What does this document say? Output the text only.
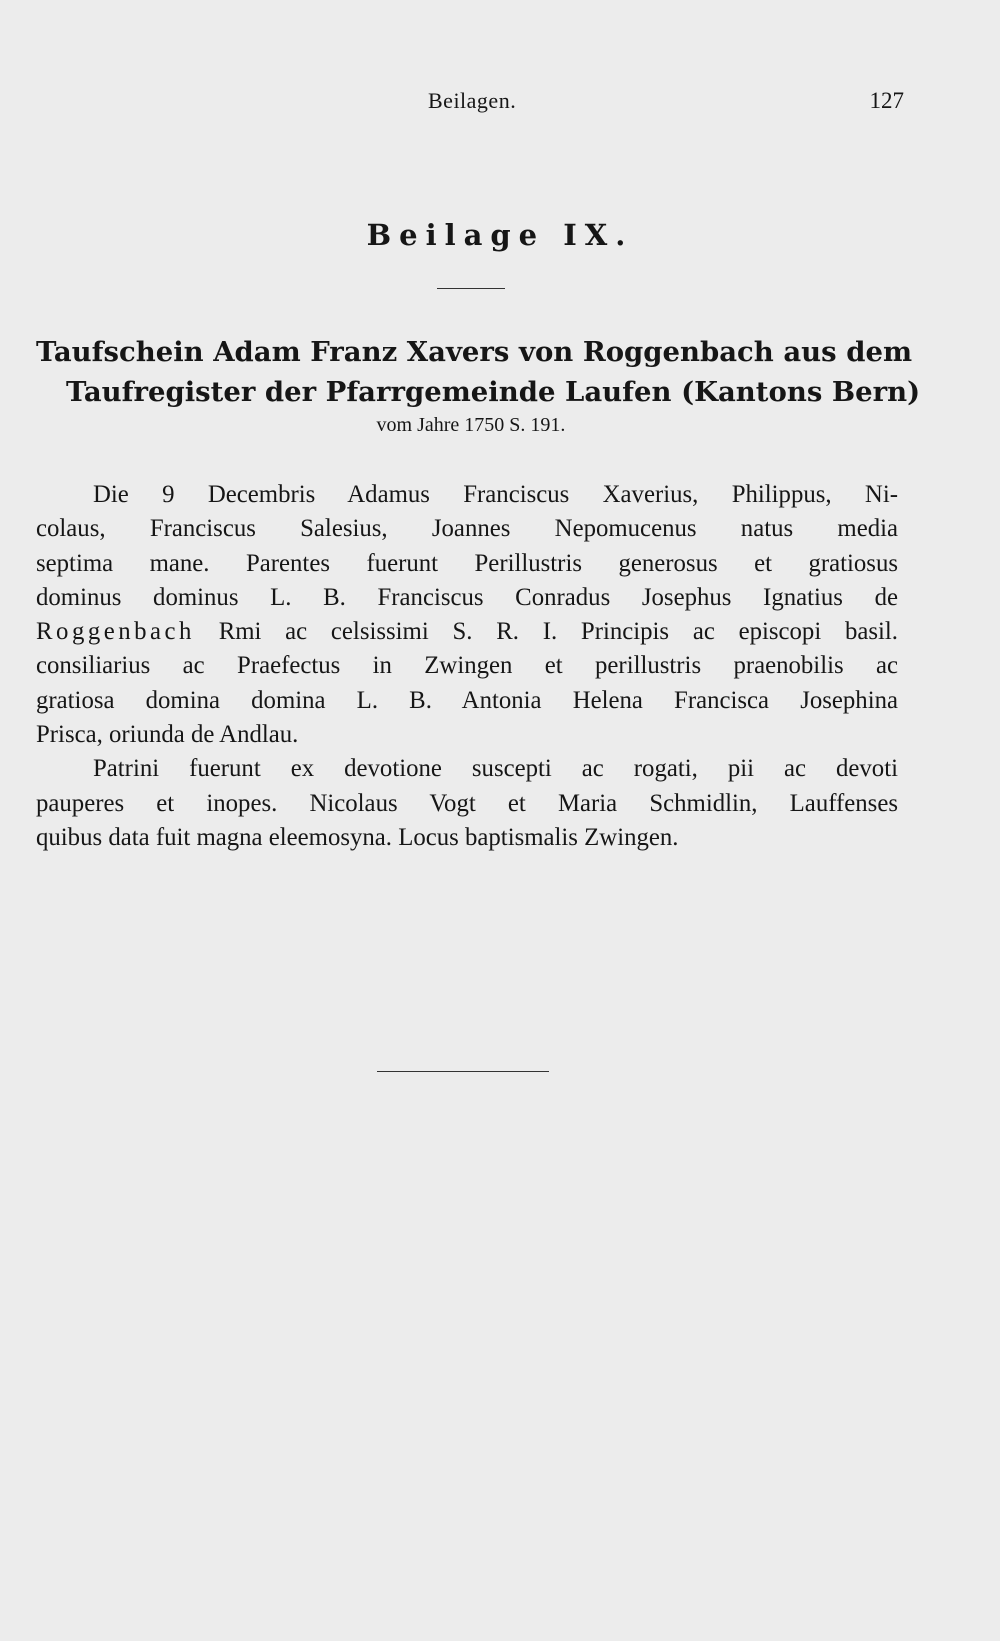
Beilagen.	127
Beilage IX.
Taufschein Adam Franz Xavers von Roggenbach aus dem
Taufregister der Pfarrgemeinde Laufen (Kantons Bern)
vom Jahre 1750 S. 191.
Die 9 Decembris Adamus Franciscus Xaverius, Philippus, Ni-
colaus, Franciscus Salesius, Joannes Nepomucenus natus media
septima mane. Parentes fuerunt Perillustris generosus et gratiosus
dominus dominus L. B. Franciscus Conradus Josephus Ignatius de
Roggenbach Rmi ac celsissimi S. R. I. Principis ac episcopi basil.
consiliarius ac Praefectus in Zwingen et perillustris praenobilis ac
gratiosa domina domina L. B. Antonia Helena Francisca Josephina
Prisca, oriunda de Andlau.
Patrini fuerunt ex devotione suscepti ac rogati, pii ac devoti
pauperes et inopes. Nicolaus Vogt et Maria Schmidlin, Lauffenses
quibus data fuit magna eleemosyna. Locus baptismalis Zwingen.
